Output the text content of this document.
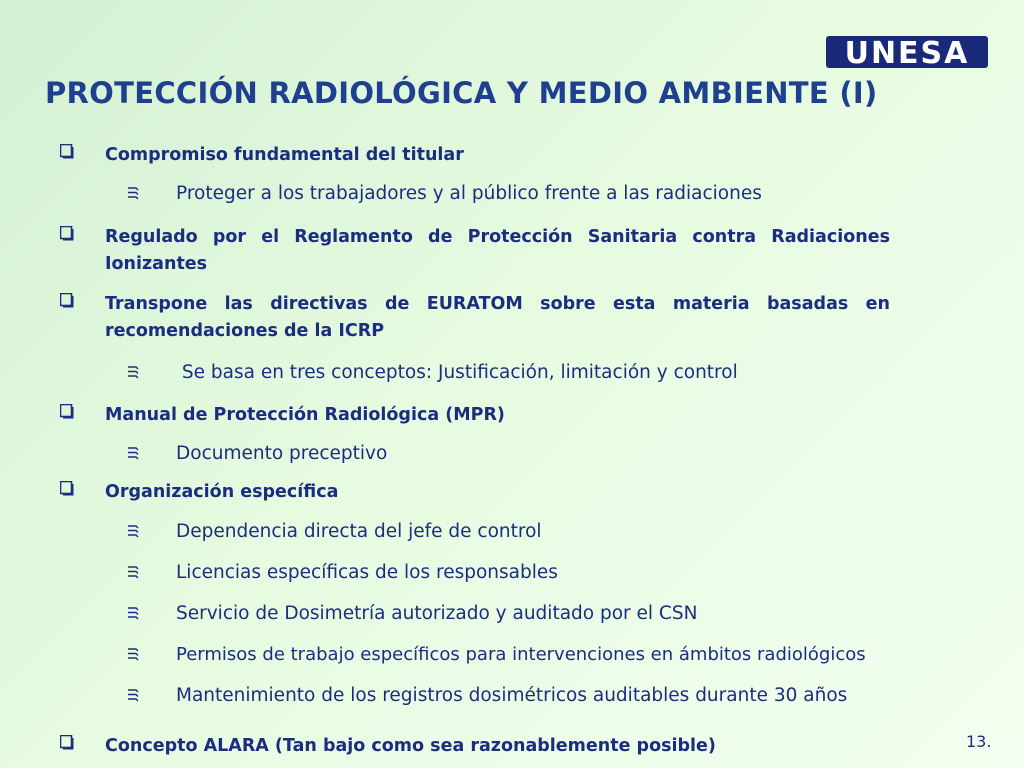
UNESA
PROTECCIÓN RADIOLÓGICA Y MEDIO AMBIENTE (I)

Compromiso fundamental del titular

Proteger a los trabajadores y al público frente a las radiaciones

Regulado por el Reglamento de Protección Sanitaria contra Radiaciones Ionizantes

Transpone las directivas de EURATOM sobre esta materia basadas en recomendaciones de la ICRP

Se basa en tres conceptos: Justificación, limitación y control

Manual de Protección Radiológica (MPR)

Documento preceptivo

Organización específica

Dependencia directa del jefe de control

Licencias específicas de los responsables

Servicio de Dosimetría autorizado y auditado por el CSN

Permisos de trabajo específicos para intervenciones en ámbitos radiológicos

Mantenimiento de los registros dosimétricos auditables durante 30 años

Concepto ALARA (Tan bajo como sea razonablemente posible)	13.
